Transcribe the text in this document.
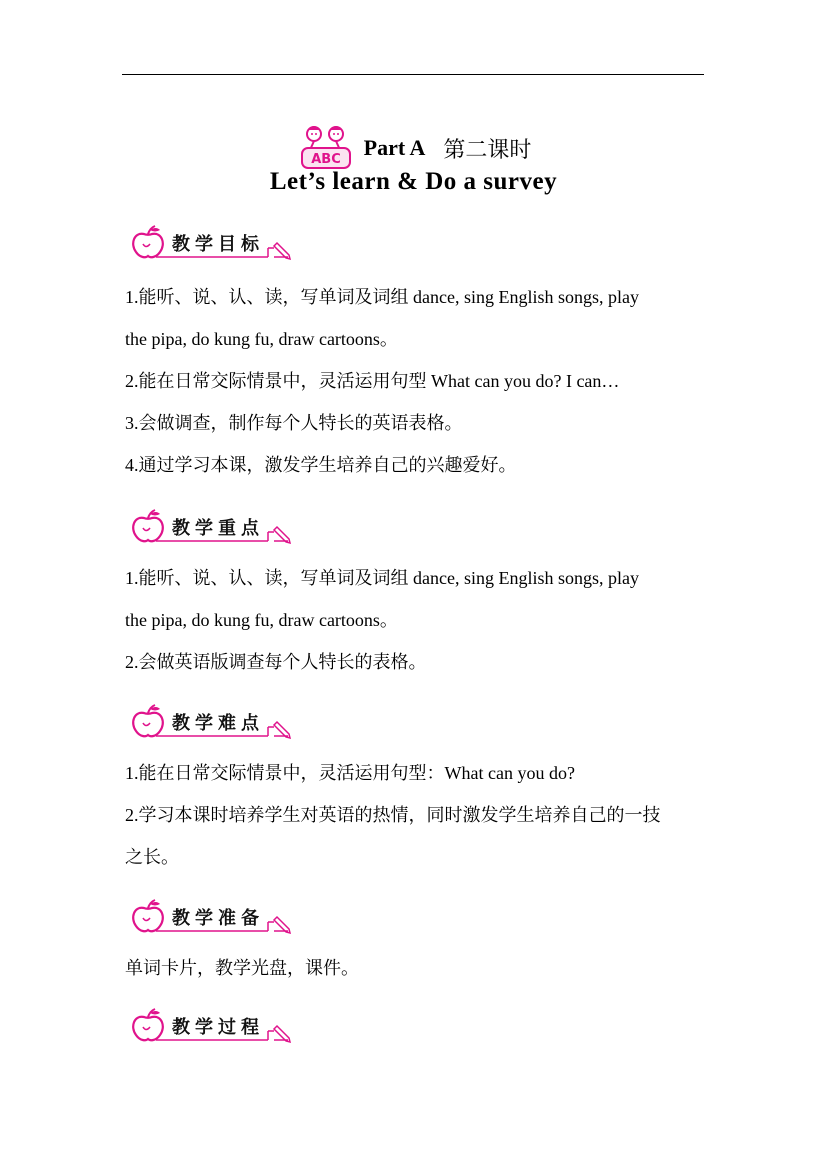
ABC Part A 第二课时
Let’s learn & Do a survey
教学目标

1.能听、说、认、读，写单词及词组 dance, sing English songs, play

the pipa, do kung fu, draw cartoons。

2.能在日常交际情景中，灵活运用句型 What can you do? I can…

3.会做调查，制作每个人特长的英语表格。

4.通过学习本课，激发学生培养自己的兴趣爱好。

教学重点

1.能听、说、认、读，写单词及词组 dance, sing English songs, play

the pipa, do kung fu, draw cartoons。

2.会做英语版调查每个人特长的表格。

教学难点

1.能在日常交际情景中，灵活运用句型：What can you do?

2.学习本课时培养学生对英语的热情，同时激发学生培养自己的一技

之长。

教学准备

单词卡片，教学光盘，课件。

教学过程
